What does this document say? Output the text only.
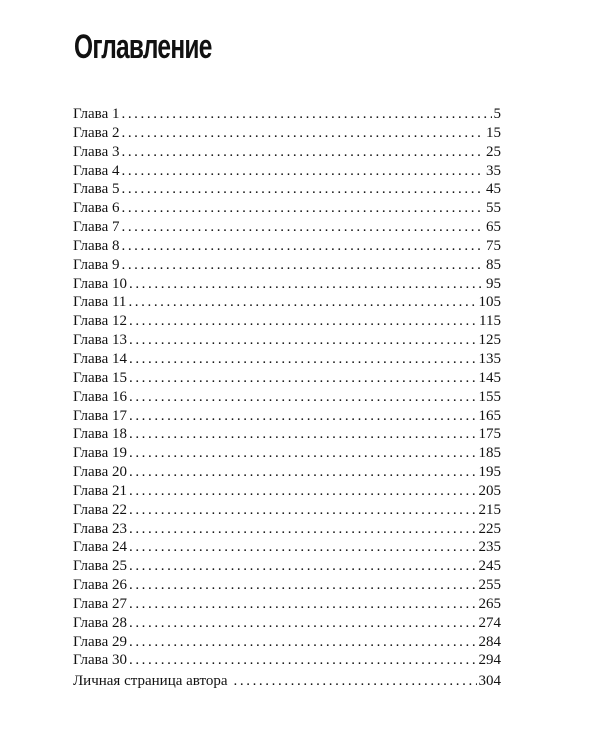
Оглавление
Глава 1 .....	5
Глава 2 .....	15
Глава 3 .....	25
Глава 4 .....	35
Глава 5 .....	45
Глава 6 .....	55
Глава 7 .....	65
Глава 8 .....	75
Глава 9 .....	85
Глава 10 .....	95
Глава 11 .....	105
Глава 12 .....	115
Глава 13 .....	125
Глава 14 .....	135
Глава 15 .....	145
Глава 16 .....	155
Глава 17 .....	165
Глава 18 .....	175
Глава 19 .....	185
Глава 20 .....	195
Глава 21 .....	205
Глава 22 .....	215
Глава 23 .....	225
Глава 24 .....	235
Глава 25 .....	245
Глава 26 .....	255
Глава 27 .....	265
Глава 28 .....	274
Глава 29 .....	284
Глава 30 .....	294
Личная страница автора .....	304
